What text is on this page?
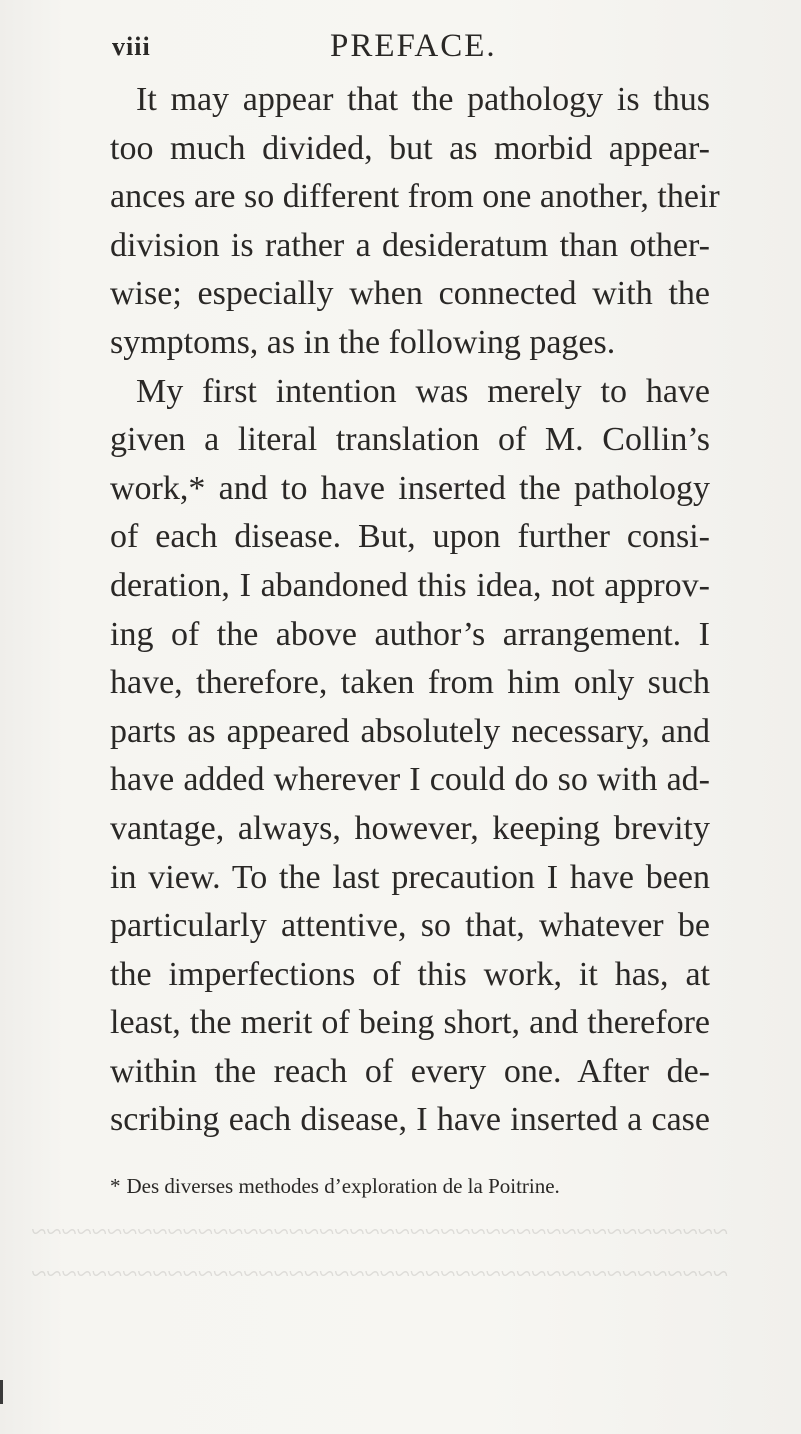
viii	PREFACE.

It may appear that the pathology is thus
too much divided, but as morbid appear-
ances are so different from one another, their
division is rather a desideratum than other-
wise; especially when connected with the
symptoms, as in the following pages.
My first intention was merely to have
given a literal translation of M. Collin’s
work,* and to have inserted the pathology
of each disease. But, upon further consi-
deration, I abandoned this idea, not approv-
ing of the above author’s arrangement. I
have, therefore, taken from him only such
parts as appeared absolutely necessary, and
have added wherever I could do so with ad-
vantage, always, however, keeping brevity
in view. To the last precaution I have been
particularly attentive, so that, whatever be
the imperfections of this work, it has, at
least, the merit of being short, and therefore
within the reach of every one. After de-
scribing each disease, I have inserted a case

* Des diverses methodes d’exploration de la Poitrine.
~~~~~~~~~~~~~~~~~~~~~~~~~~~~~~~~~~~~~~~~~~~~~~
~~~~~~~~~~~~~~~~~~~~~~~~~~~~~~~~~~~~~~~~~~~~~~
